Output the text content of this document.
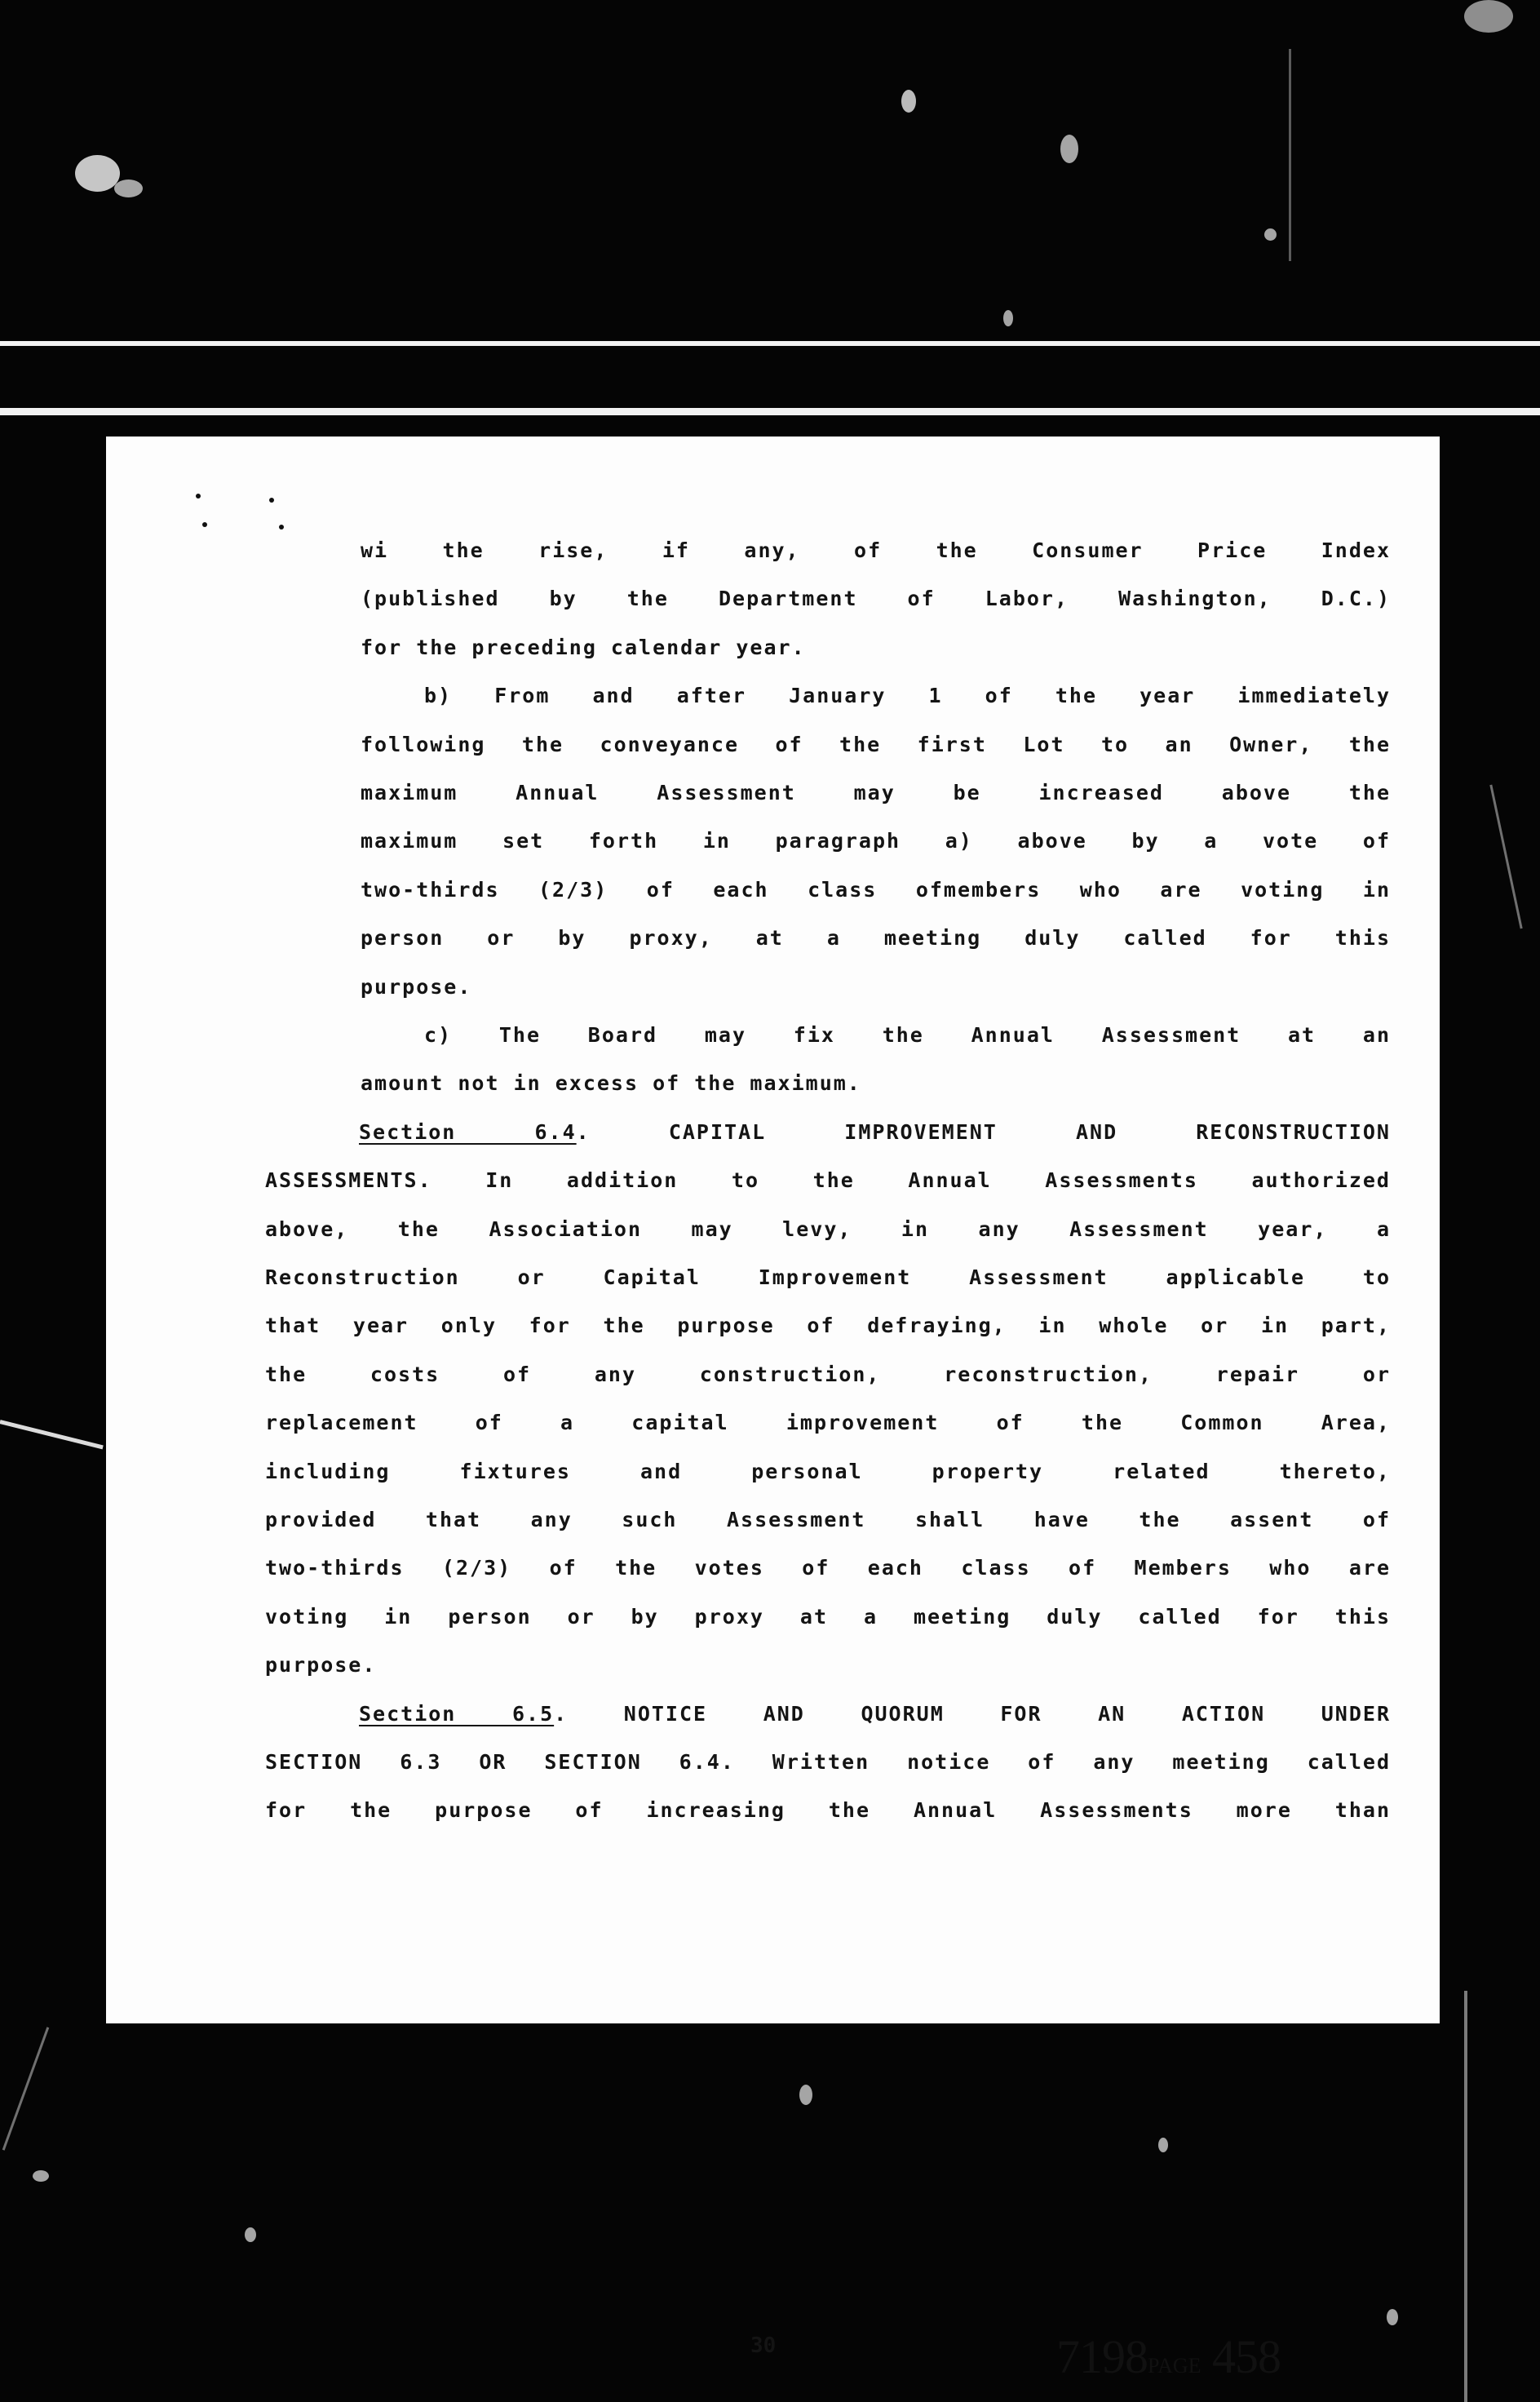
wi the rise, if any, of the Consumer Price Index
(published by the Department of Labor, Washington, D.C.)
for the preceding calendar year.
b) From and after January 1 of the year immediately
following the conveyance of the first Lot to an Owner, the
maximum Annual Assessment may be increased above the
maximum set forth in paragraph a) above by a vote of
two-thirds (2/3) of each class ofmembers who are voting in
person or by proxy, at a meeting duly called for this
purpose.
c) The Board may fix the Annual Assessment at an
amount not in excess of the maximum.
Section 6.4. CAPITAL IMPROVEMENT AND RECONSTRUCTION
ASSESSMENTS. In addition to the Annual Assessments authorized
above, the Association may levy, in any Assessment year, a
Reconstruction or Capital Improvement Assessment applicable to
that year only for the purpose of defraying, in whole or in part,
the costs of any construction, reconstruction, repair or
replacement of a capital improvement of the Common Area,
including fixtures and personal property related thereto,
provided that any such Assessment shall have the assent of
two-thirds (2/3) of the votes of each class of Members who are
voting in person or by proxy at a meeting duly called for this
purpose.
Section 6.5. NOTICE AND QUORUM FOR AN ACTION UNDER
SECTION 6.3 OR SECTION 6.4. Written notice of any meeting called
for the purpose of increasing the Annual Assessments more than
30	7198PAGE 458
